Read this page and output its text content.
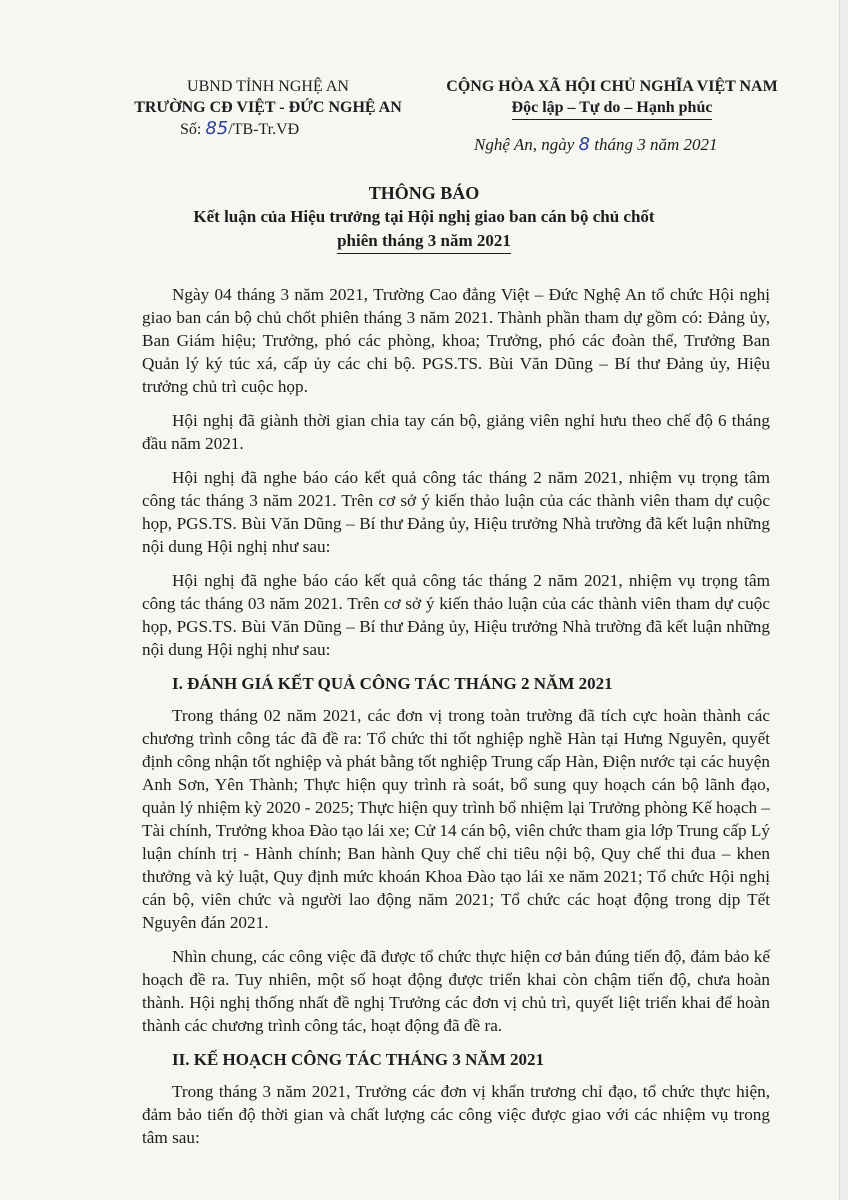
UBND TỈNH NGHỆ AN
TRƯỜNG CĐ VIỆT - ĐỨC NGHỆ AN
CỘNG HÒA XÃ HỘI CHỦ NGHĨA VIỆT NAM
Độc lập – Tự do – Hạnh phúc
Số: 85/TB-Tr.VĐ
Nghệ An, ngày 8 tháng 3 năm 2021
THÔNG BÁO
Kết luận của Hiệu trưởng tại Hội nghị giao ban cán bộ chủ chốt
phiên tháng 3 năm 2021

Ngày 04 tháng 3 năm 2021, Trường Cao đẳng Việt – Đức Nghệ An tổ chức Hội nghị giao ban cán bộ chủ chốt phiên tháng 3 năm 2021. Thành phần tham dự gồm có: Đảng ủy, Ban Giám hiệu; Trưởng, phó các phòng, khoa; Trưởng, phó các đoàn thể, Trưởng Ban Quản lý ký túc xá, cấp ủy các chi bộ. PGS.TS. Bùi Văn Dũng – Bí thư Đảng ủy, Hiệu trưởng chủ trì cuộc họp.

Hội nghị đã giành thời gian chia tay cán bộ, giảng viên nghỉ hưu theo chế độ 6 tháng đầu năm 2021.

Hội nghị đã nghe báo cáo kết quả công tác tháng 2 năm 2021, nhiệm vụ trọng tâm công tác tháng 3 năm 2021. Trên cơ sở ý kiến thảo luận của các thành viên tham dự cuộc họp, PGS.TS. Bùi Văn Dũng – Bí thư Đảng ủy, Hiệu trưởng Nhà trường đã kết luận những nội dung Hội nghị như sau:

Hội nghị đã nghe báo cáo kết quả công tác tháng 2 năm 2021, nhiệm vụ trọng tâm công tác tháng 03 năm 2021. Trên cơ sở ý kiến thảo luận của các thành viên tham dự cuộc họp, PGS.TS. Bùi Văn Dũng – Bí thư Đảng ủy, Hiệu trưởng Nhà trường đã kết luận những nội dung Hội nghị như sau:

I. ĐÁNH GIÁ KẾT QUẢ CÔNG TÁC THÁNG 2 NĂM 2021

Trong tháng 02 năm 2021, các đơn vị trong toàn trường đã tích cực hoàn thành các chương trình công tác đã đề ra: Tổ chức thi tốt nghiệp nghề Hàn tại Hưng Nguyên, quyết định công nhận tốt nghiệp và phát bằng tốt nghiệp Trung cấp Hàn, Điện nước tại các huyện Anh Sơn, Yên Thành; Thực hiện quy trình rà soát, bổ sung quy hoạch cán bộ lãnh đạo, quản lý nhiệm kỳ 2020 - 2025; Thực hiện quy trình bổ nhiệm lại Trưởng phòng Kế hoạch – Tài chính, Trưởng khoa Đào tạo lái xe; Cử 14 cán bộ, viên chức tham gia lớp Trung cấp Lý luận chính trị - Hành chính; Ban hành Quy chế chi tiêu nội bộ, Quy chế thi đua – khen thưởng và kỷ luật, Quy định mức khoán Khoa Đào tạo lái xe năm 2021; Tổ chức Hội nghị cán bộ, viên chức và người lao động năm 2021; Tổ chức các hoạt động trong dịp Tết Nguyên đán 2021.

Nhìn chung, các công việc đã được tổ chức thực hiện cơ bản đúng tiến độ, đảm bảo kế hoạch đề ra. Tuy nhiên, một số hoạt động được triển khai còn chậm tiến độ, chưa hoàn thành. Hội nghị thống nhất đề nghị Trưởng các đơn vị chủ trì, quyết liệt triển khai để hoàn thành các chương trình công tác, hoạt động đã đề ra.

II. KẾ HOẠCH CÔNG TÁC THÁNG 3 NĂM 2021

Trong tháng 3 năm 2021, Trưởng các đơn vị khẩn trương chỉ đạo, tổ chức thực hiện, đảm bảo tiến độ thời gian và chất lượng các công việc được giao với các nhiệm vụ trong tâm sau:
